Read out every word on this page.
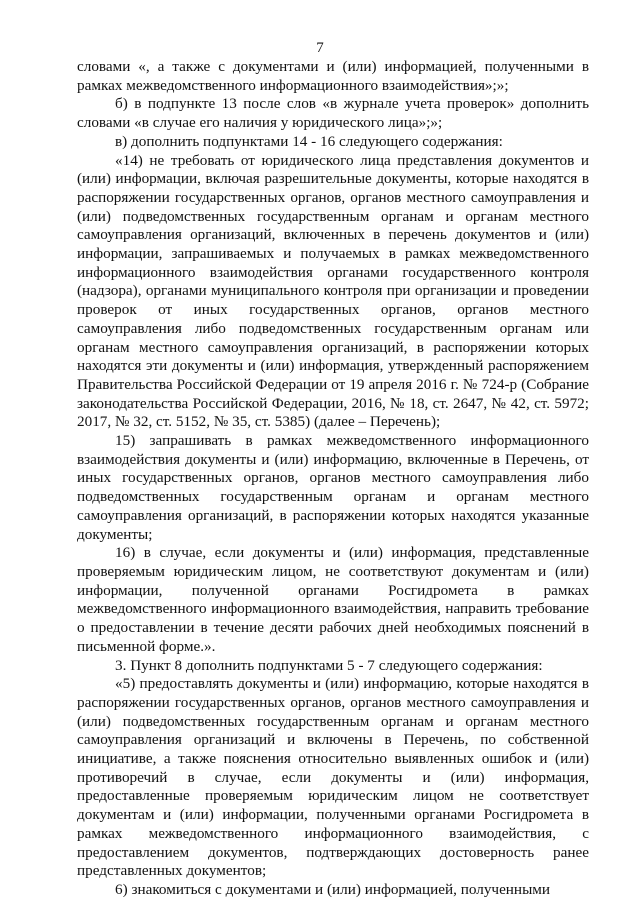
7

словами «, а также с документами и (или) информацией, полученными в рамках межведомственного информационного взаимодействия»;»;

б) в подпункте 13 после слов «в журнале учета проверок» дополнить словами «в случае его наличия у юридического лица»;»;

в) дополнить подпунктами 14 - 16 следующего содержания:

«14) не требовать от юридического лица представления документов и (или) информации, включая разрешительные документы, которые находятся в распоряжении государственных органов, органов местного самоуправления и (или) подведомственных государственным органам и органам местного самоуправления организаций, включенных в перечень документов и (или) информации, запрашиваемых и получаемых в рамках межведомственного информационного взаимодействия органами государственного контроля (надзора), органами муниципального контроля при организации и проведении проверок от иных государственных органов, органов местного самоуправления либо подведомственных государственным органам или органам местного самоуправления организаций, в распоряжении которых находятся эти документы и (или) информация, утвержденный распоряжением Правительства Российской Федерации от 19 апреля 2016 г. № 724-р (Собрание законодательства Российской Федерации, 2016, № 18, ст. 2647, № 42, ст. 5972; 2017, № 32, ст. 5152, № 35, ст. 5385) (далее – Перечень);

15) запрашивать в рамках межведомственного информационного взаимодействия документы и (или) информацию, включенные в Перечень, от иных государственных органов, органов местного самоуправления либо подведомственных государственным органам и органам местного самоуправления организаций, в распоряжении которых находятся указанные документы;

16) в случае, если документы и (или) информация, представленные проверяемым юридическим лицом, не соответствуют документам и (или) информации, полученной органами Росгидромета в рамках межведомственного информационного взаимодействия, направить требование о предоставлении в течение десяти рабочих дней необходимых пояснений в письменной форме.».

3. Пункт 8 дополнить подпунктами 5 - 7 следующего содержания:

«5) предоставлять документы и (или) информацию, которые находятся в распоряжении государственных органов, органов местного самоуправления и (или) подведомственных государственным органам и органам местного самоуправления организаций и включены в Перечень, по собственной инициативе, а также пояснения относительно выявленных ошибок и (или) противоречий в случае, если документы и (или) информация, предоставленные проверяемым юридическим лицом не соответствует документам и (или) информации, полученными органами Росгидромета в рамках межведомственного информационного взаимодействия, с предоставлением документов, подтверждающих достоверность ранее представленных документов;

6) знакомиться с документами и (или) информацией, полученными
